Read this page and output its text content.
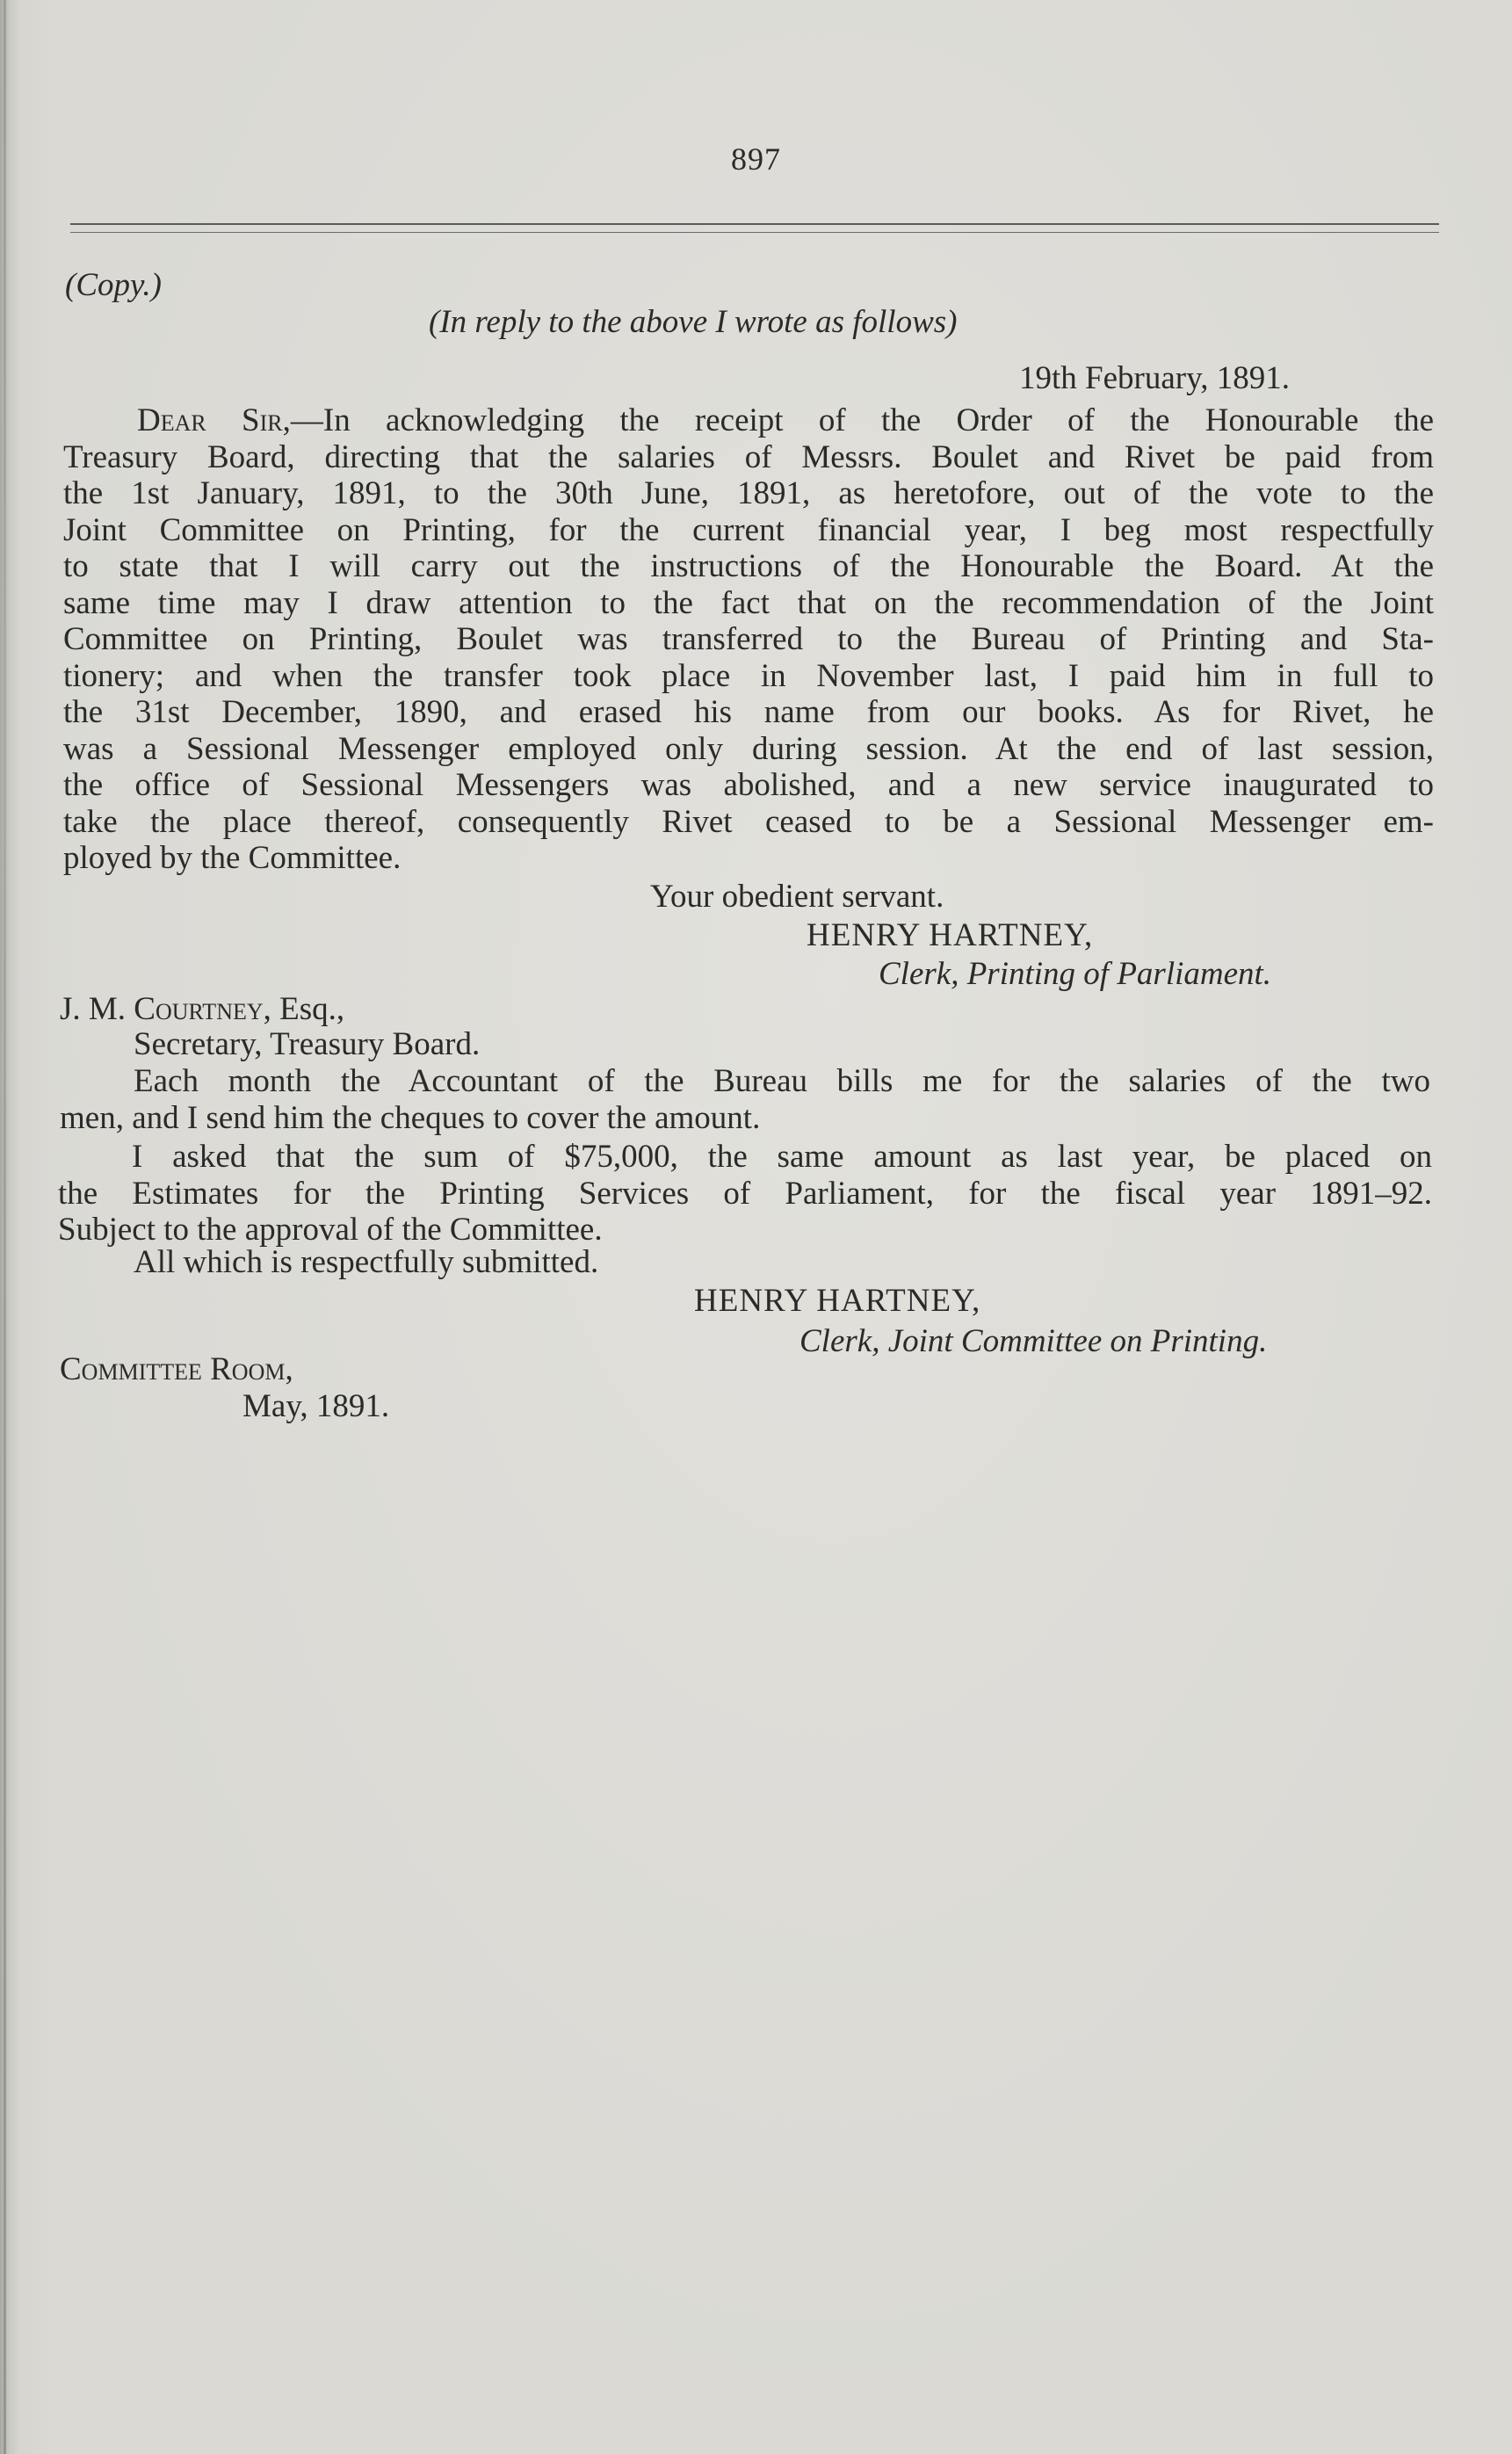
897
(Copy.)
(In reply to the above I wrote as follows)
19th February, 1891.
Dear Sir,—In acknowledging the receipt of the Order of the Honourable the
Treasury Board, directing that the salaries of Messrs. Boulet and Rivet be paid from
the 1st January, 1891, to the 30th June, 1891, as heretofore, out of the vote to the
Joint Committee on Printing, for the current financial year, I beg most respectfully
to state that I will carry out the instructions of the Honourable the Board. At the
same time may I draw attention to the fact that on the recommendation of the Joint
Committee on Printing, Boulet was transferred to the Bureau of Printing and Sta-
tionery; and when the transfer took place in November last, I paid him in full to
the 31st December, 1890, and erased his name from our books. As for Rivet, he
was a Sessional Messenger employed only during session. At the end of last session,
the office of Sessional Messengers was abolished, and a new service inaugurated to
take the place thereof, consequently Rivet ceased to be a Sessional Messenger em-
ployed by the Committee.
Your obedient servant.
HENRY HARTNEY,
Clerk, Printing of Parliament.
J. M. Courtney, Esq.,
Secretary, Treasury Board.
Each month the Accountant of the Bureau bills me for the salaries of the two
men, and I send him the cheques to cover the amount.
I asked that the sum of $75,000, the same amount as last year, be placed on
the Estimates for the Printing Services of Parliament, for the fiscal year 1891–92.
Subject to the approval of the Committee.
All which is respectfully submitted.
HENRY HARTNEY,
Clerk, Joint Committee on Printing.
Committee Room,
May, 1891.
